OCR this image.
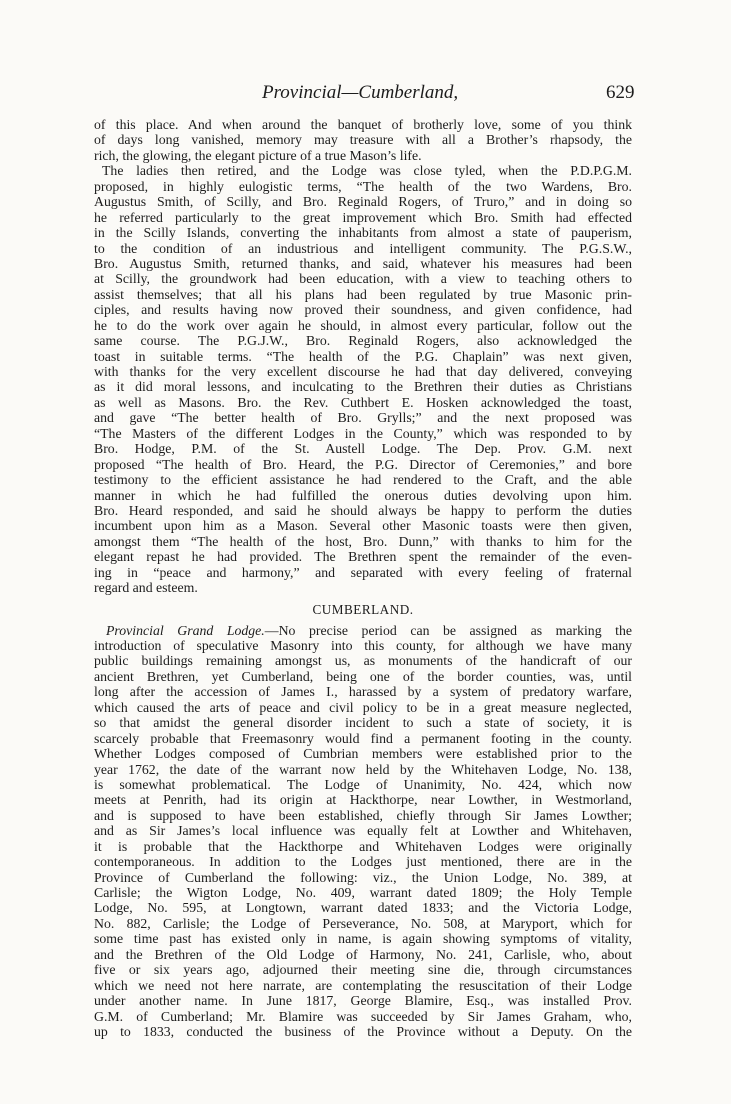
Provincial—Cumberland,	629
of this place. And when around the banquet of brotherly love, some of you think
of days long vanished, memory may treasure with all a Brother’s rhapsody, the
rich, the glowing, the elegant picture of a true Mason’s life.
The ladies then retired, and the Lodge was close tyled, when the P.D.P.G.M.
proposed, in highly eulogistic terms, “The health of the two Wardens, Bro.
Augustus Smith, of Scilly, and Bro. Reginald Rogers, of Truro,” and in doing so
he referred particularly to the great improvement which Bro. Smith had effected
in the Scilly Islands, converting the inhabitants from almost a state of pauperism,
to the condition of an industrious and intelligent community. The P.G.S.W.,
Bro. Augustus Smith, returned thanks, and said, whatever his measures had been
at Scilly, the groundwork had been education, with a view to teaching others to
assist themselves; that all his plans had been regulated by true Masonic prin-
ciples, and results having now proved their soundness, and given confidence, had
he to do the work over again he should, in almost every particular, follow out the
same course. The P.G.J.W., Bro. Reginald Rogers, also acknowledged the
toast in suitable terms. “The health of the P.G. Chaplain” was next given,
with thanks for the very excellent discourse he had that day delivered, conveying
as it did moral lessons, and inculcating to the Brethren their duties as Christians
as well as Masons. Bro. the Rev. Cuthbert E. Hosken acknowledged the toast,
and gave “The better health of Bro. Grylls;” and the next proposed was
“The Masters of the different Lodges in the County,” which was responded to by
Bro. Hodge, P.M. of the St. Austell Lodge. The Dep. Prov. G.M. next
proposed “The health of Bro. Heard, the P.G. Director of Ceremonies,” and bore
testimony to the efficient assistance he had rendered to the Craft, and the able
manner in which he had fulfilled the onerous duties devolving upon him.
Bro. Heard responded, and said he should always be happy to perform the duties
incumbent upon him as a Mason. Several other Masonic toasts were then given,
amongst them “The health of the host, Bro. Dunn,” with thanks to him for the
elegant repast he had provided. The Brethren spent the remainder of the even-
ing in “peace and harmony,” and separated with every feeling of fraternal
regard and esteem.
CUMBERLAND.
Provincial Grand Lodge.—No precise period can be assigned as marking the
introduction of speculative Masonry into this county, for although we have many
public buildings remaining amongst us, as monuments of the handicraft of our
ancient Brethren, yet Cumberland, being one of the border counties, was, until
long after the accession of James I., harassed by a system of predatory warfare,
which caused the arts of peace and civil policy to be in a great measure neglected,
so that amidst the general disorder incident to such a state of society, it is
scarcely probable that Freemasonry would find a permanent footing in the county.
Whether Lodges composed of Cumbrian members were established prior to the
year 1762, the date of the warrant now held by the Whitehaven Lodge, No. 138,
is somewhat problematical. The Lodge of Unanimity, No. 424, which now
meets at Penrith, had its origin at Hackthorpe, near Lowther, in Westmorland,
and is supposed to have been established, chiefly through Sir James Lowther;
and as Sir James’s local influence was equally felt at Lowther and Whitehaven,
it is probable that the Hackthorpe and Whitehaven Lodges were originally
contemporaneous. In addition to the Lodges just mentioned, there are in the
Province of Cumberland the following: viz., the Union Lodge, No. 389, at
Carlisle; the Wigton Lodge, No. 409, warrant dated 1809; the Holy Temple
Lodge, No. 595, at Longtown, warrant dated 1833; and the Victoria Lodge,
No. 882, Carlisle; the Lodge of Perseverance, No. 508, at Maryport, which for
some time past has existed only in name, is again showing symptoms of vitality,
and the Brethren of the Old Lodge of Harmony, No. 241, Carlisle, who, about
five or six years ago, adjourned their meeting sine die, through circumstances
which we need not here narrate, are contemplating the resuscitation of their Lodge
under another name. In June 1817, George Blamire, Esq., was installed Prov.
G.M. of Cumberland; Mr. Blamire was succeeded by Sir James Graham, who,
up to 1833, conducted the business of the Province without a Deputy. On the
